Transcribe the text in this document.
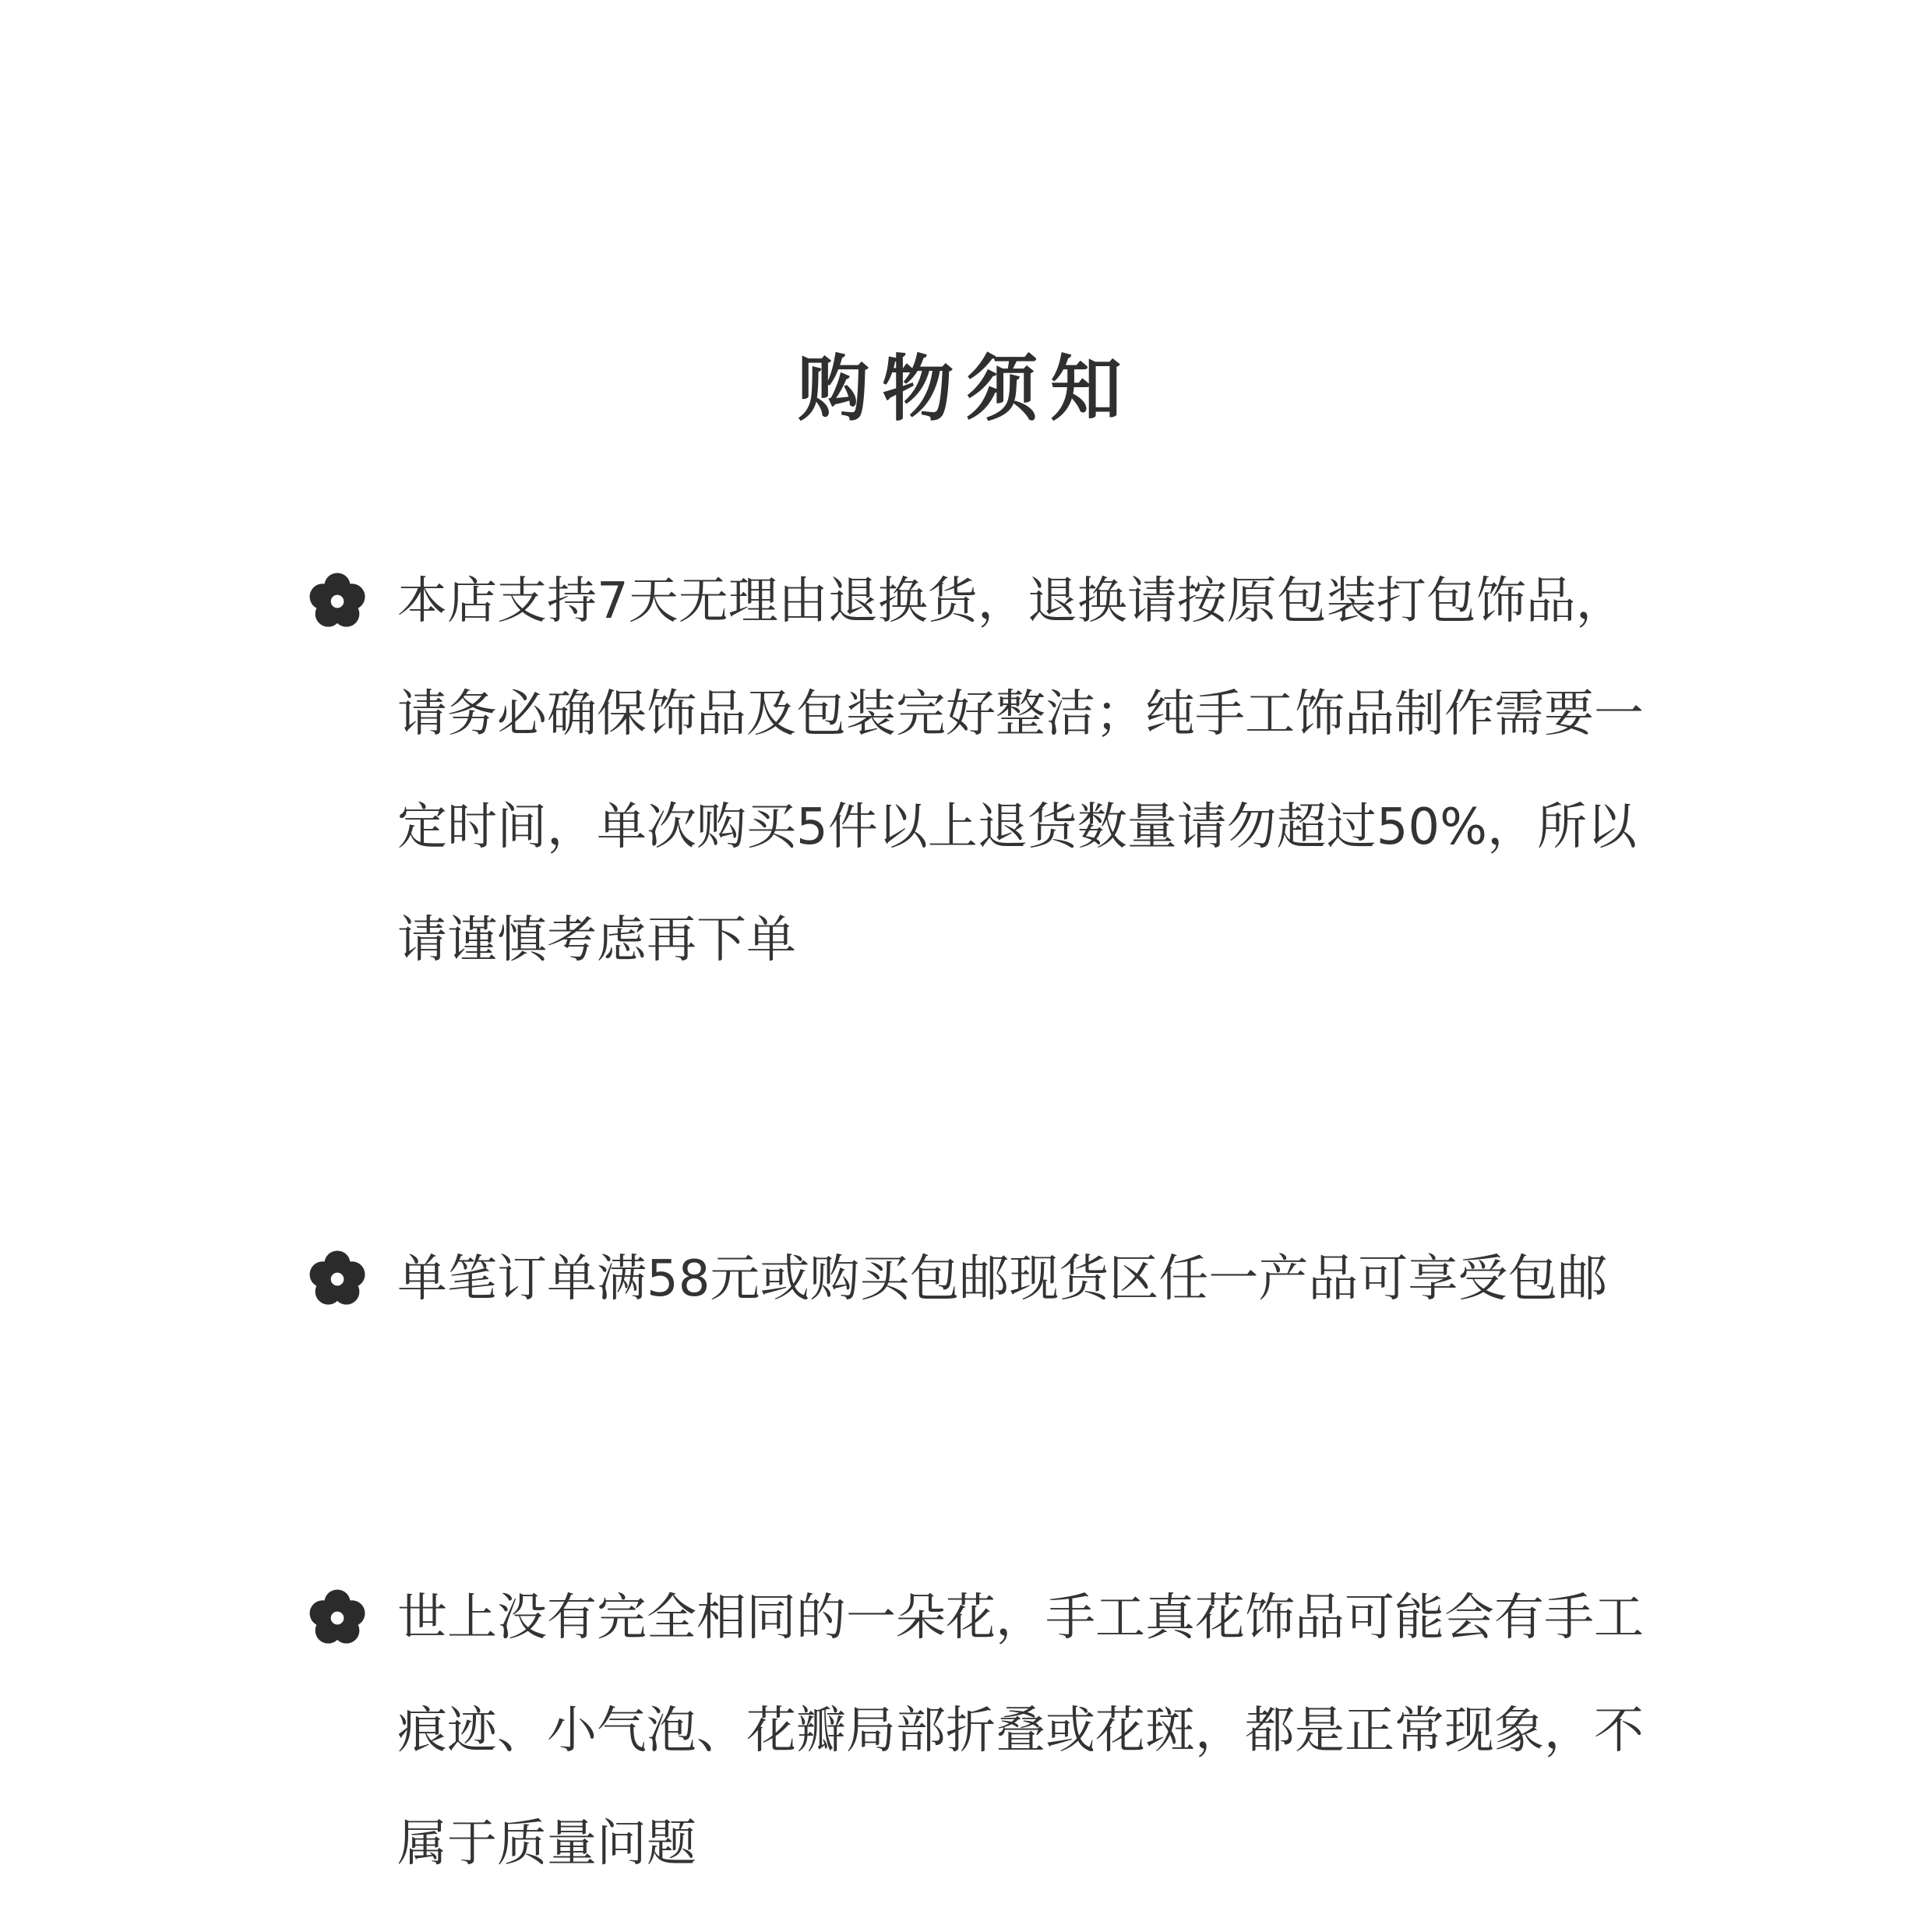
购物须知
本店支持7天无理由退换货，退换请按原包装打包饰品，请务必确保饰品及包装完好整洁；纯手工饰品制作需要一定时间，单次购买5件以上退货数量请勿超过50%，所以请谨慎考虑再下单
单笔订单满58元或购买包邮现货区任一产品可享受包邮
世上没有完全相同的一朵花，手工真花饰品可能会有手工痕迹、小气泡、花瓣局部折叠或花斑，都是正常现象，不属于质量问题
